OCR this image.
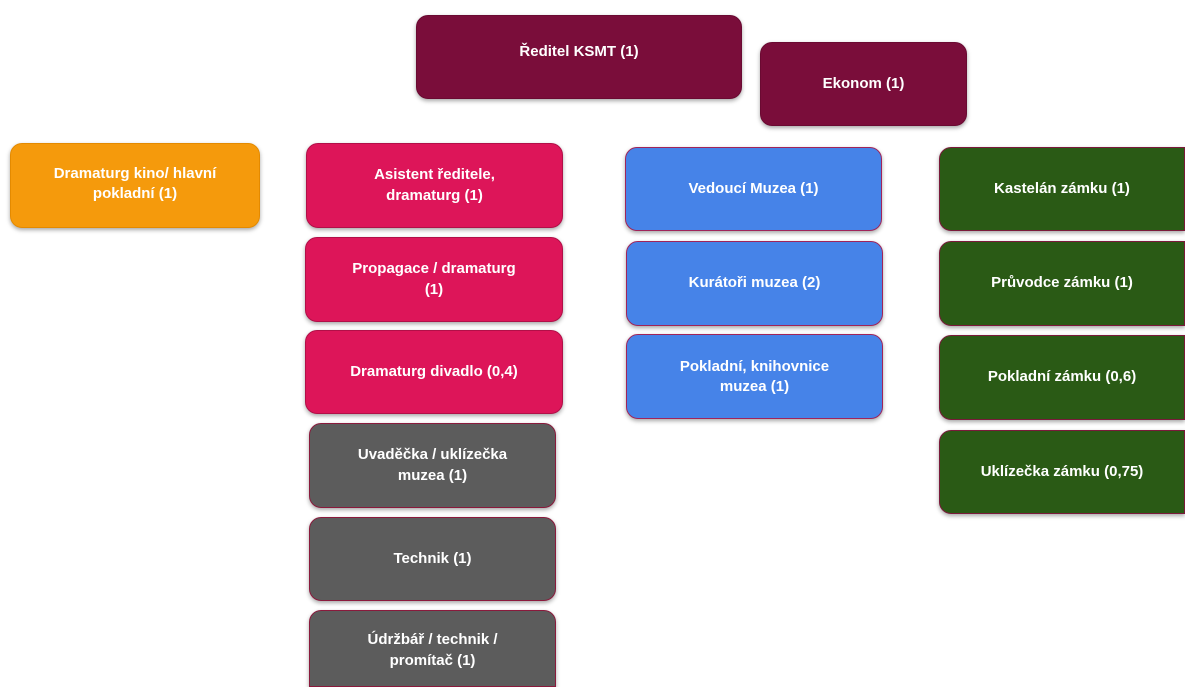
Ředitel KSMT (1)
Ekonom (1)
Dramaturg kino/ hlavní
pokladní (1)
Asistent ředitele,
dramaturg (1)
Propagace / dramaturg
(1)
Dramaturg divadlo (0,4)
Uvaděčka / uklízečka
muzea (1)
Technik (1)
Údržbář / technik /
promítač (1)
Vedoucí Muzea (1)
Kurátoři muzea (2)
Pokladní, knihovnice
muzea (1)
Kastelán zámku (1)
Průvodce zámku (1)
Pokladní zámku (0,6)
Uklízečka zámku (0,75)
